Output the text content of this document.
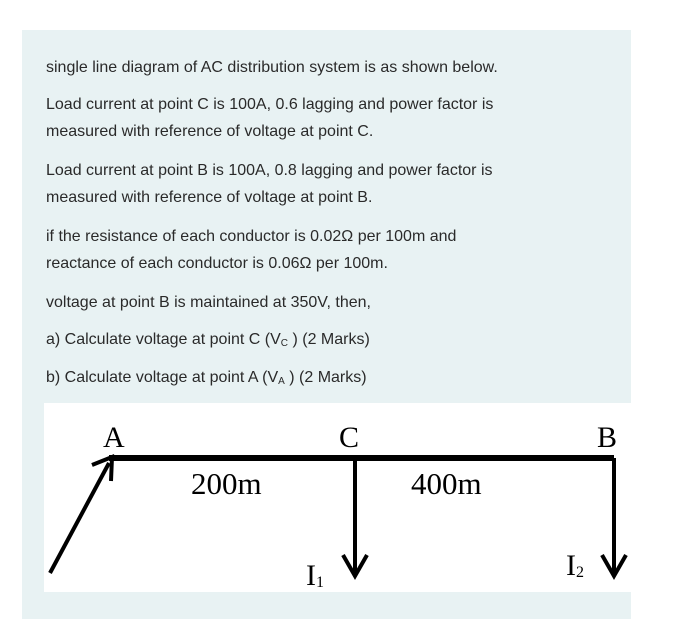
single line diagram of AC distribution system is as shown below.

Load current at point C is 100A, 0.6 lagging and power factor is

measured with reference of voltage at point C.

Load current at point B is 100A, 0.8 lagging and power factor is

measured with reference of voltage at point B.

if the resistance of each conductor is 0.02Ω per 100m and

reactance of each conductor is 0.06Ω per 100m.

voltage at point B is maintained at 350V, then,

a) Calculate voltage at point C ($V_C$ ) (2 Marks)

b) Calculate voltage at point A ($V_A$ ) (2 Marks)

A	C	B
200m	400m
I1
I2
